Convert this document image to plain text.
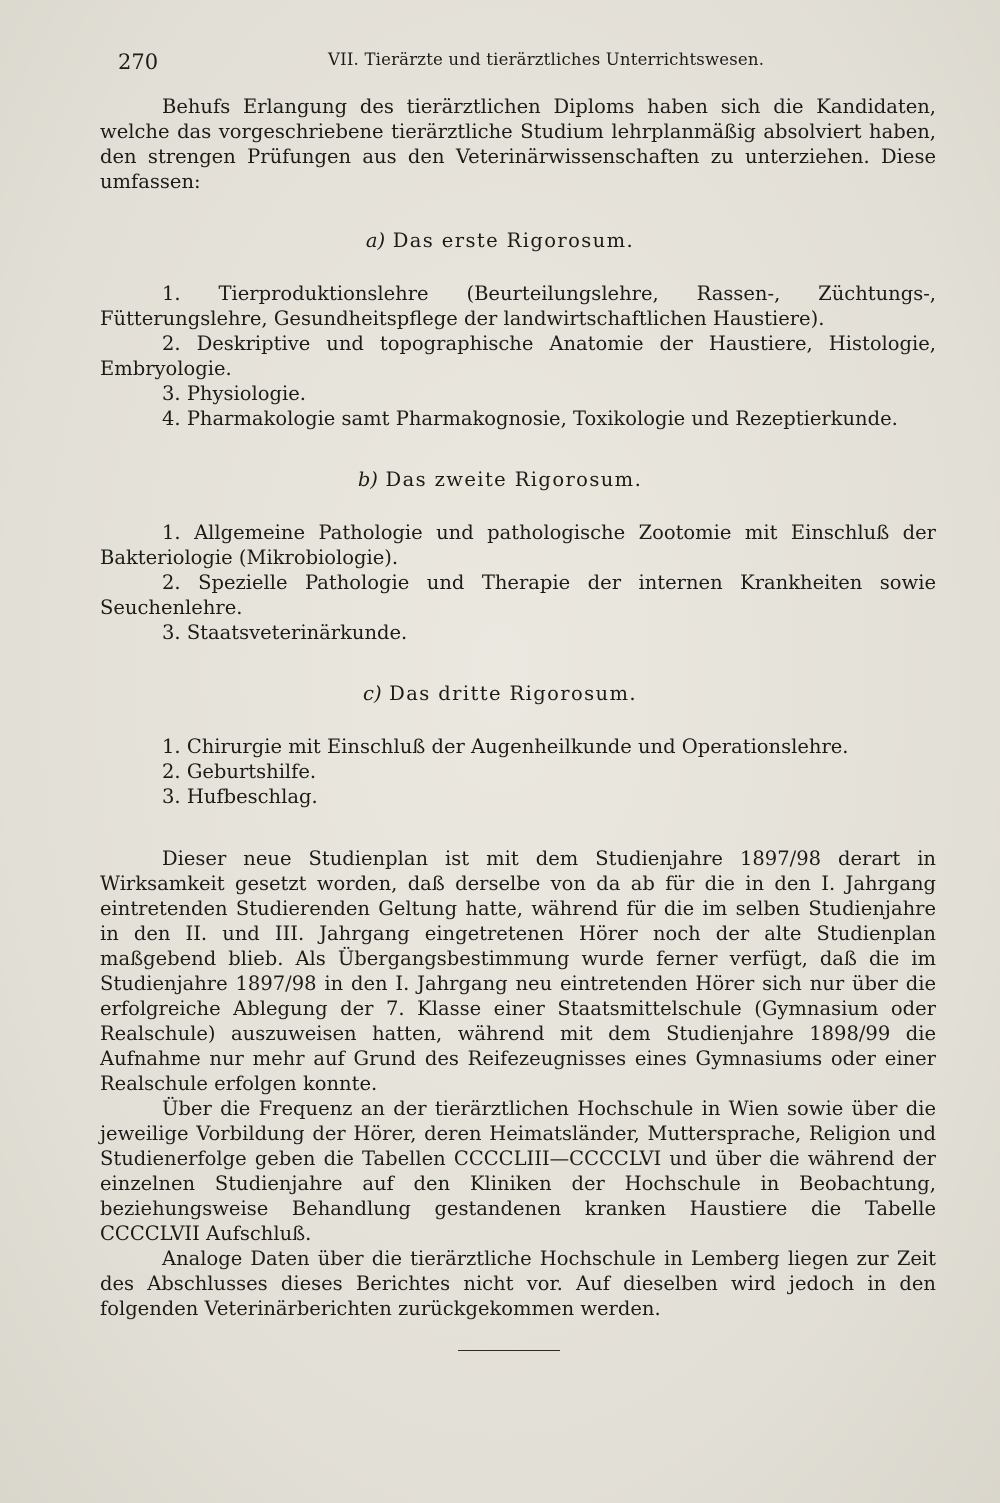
270	VII. Tierärzte und tierärztliches Unterrichtswesen.

Behufs Erlangung des tierärztlichen Diploms haben sich die Kandidaten, welche das vorgeschriebene tierärztliche Studium lehrplanmäßig absolviert haben, den strengen Prüfungen aus den Veterinärwissenschaften zu unterziehen. Diese umfassen:

a) Das erste Rigorosum.

1. Tierproduktionslehre (Beurteilungslehre, Rassen-, Züchtungs-, Fütterungslehre, Gesundheitspflege der landwirtschaftlichen Haustiere).

2. Deskriptive und topographische Anatomie der Haustiere, Histologie, Embryologie.

3. Physiologie.

4. Pharmakologie samt Pharmakognosie, Toxikologie und Rezeptierkunde.

b) Das zweite Rigorosum.

1. Allgemeine Pathologie und pathologische Zootomie mit Einschluß der Bakteriologie (Mikrobiologie).

2. Spezielle Pathologie und Therapie der internen Krankheiten sowie Seuchenlehre.

3. Staatsveterinärkunde.

c) Das dritte Rigorosum.

1. Chirurgie mit Einschluß der Augenheilkunde und Operationslehre.

2. Geburtshilfe.

3. Hufbeschlag.

Dieser neue Studienplan ist mit dem Studienjahre 1897/98 derart in Wirksamkeit gesetzt worden, daß derselbe von da ab für die in den I. Jahrgang eintretenden Studierenden Geltung hatte, während für die im selben Studienjahre in den II. und III. Jahrgang eingetretenen Hörer noch der alte Studienplan maßgebend blieb. Als Übergangsbestimmung wurde ferner verfügt, daß die im Studienjahre 1897/98 in den I. Jahrgang neu eintretenden Hörer sich nur über die erfolgreiche Ablegung der 7. Klasse einer Staatsmittelschule (Gymnasium oder Realschule) auszuweisen hatten, während mit dem Studienjahre 1898/99 die Aufnahme nur mehr auf Grund des Reifezeugnisses eines Gymnasiums oder einer Realschule erfolgen konnte.

Über die Frequenz an der tierärztlichen Hochschule in Wien sowie über die jeweilige Vorbildung der Hörer, deren Heimatsländer, Muttersprache, Religion und Studienerfolge geben die Tabellen CCCCLIII—CCCCLVI und über die während der einzelnen Studienjahre auf den Kliniken der Hochschule in Beobachtung, beziehungsweise Behandlung gestandenen kranken Haustiere die Tabelle CCCCLVII Aufschluß.

Analoge Daten über die tierärztliche Hochschule in Lemberg liegen zur Zeit des Abschlusses dieses Berichtes nicht vor. Auf dieselben wird jedoch in den folgenden Veterinärberichten zurückgekommen werden.
